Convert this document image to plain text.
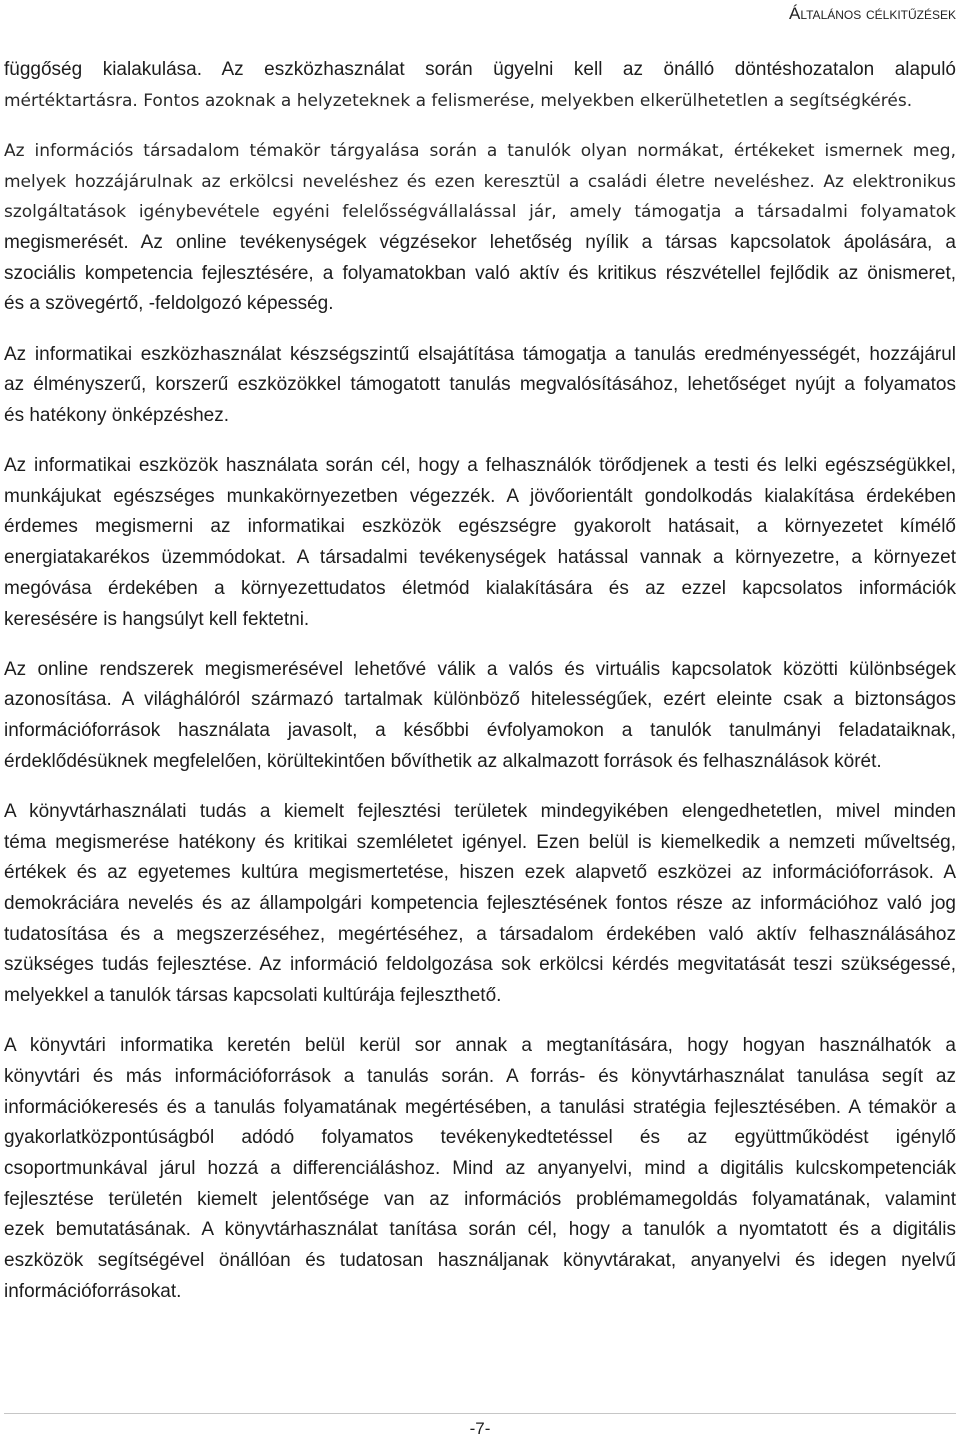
Általános célkitűzések
függőség kialakulása. Az eszközhasználat során ügyelni kell az önálló döntéshozatalon alapuló
mértéktartásra. Fontos azoknak a helyzeteknek a felismerése, melyekben elkerülhetetlen a segítségkérés.
Az információs társadalom témakör tárgyalása során a tanulók olyan normákat, értékeket ismernek meg,
melyek hozzájárulnak az erkölcsi neveléshez és ezen keresztül a családi életre neveléshez. Az elektronikus
szolgáltatások igénybevétele egyéni felelősségvállalással jár, amely támogatja a társadalmi folyamatok
megismerését. Az online tevékenységek végzésekor lehetőség nyílik a társas kapcsolatok ápolására, a
szociális kompetencia fejlesztésére, a folyamatokban való aktív és kritikus részvétellel fejlődik az önismeret,
és a szövegértő, -feldolgozó képesség.
Az informatikai eszközhasználat készségszintű elsajátítása támogatja a tanulás eredményességét, hozzájárul
az élményszerű, korszerű eszközökkel támogatott tanulás megvalósításához, lehetőséget nyújt a folyamatos
és hatékony önképzéshez.
Az informatikai eszközök használata során cél, hogy a felhasználók törődjenek a testi és lelki egészségükkel,
munkájukat egészséges munkakörnyezetben végezzék. A jövőorientált gondolkodás kialakítása érdekében
érdemes megismerni az informatikai eszközök egészségre gyakorolt hatásait, a környezetet kímélő
energiatakarékos üzemmódokat. A társadalmi tevékenységek hatással vannak a környezetre, a környezet
megóvása érdekében a környezettudatos életmód kialakítására és az ezzel kapcsolatos információk
keresésére is hangsúlyt kell fektetni.
Az online rendszerek megismerésével lehetővé válik a valós és virtuális kapcsolatok közötti különbségek
azonosítása. A világhálóról származó tartalmak különböző hitelességűek, ezért eleinte csak a biztonságos
információforrások használata javasolt, a későbbi évfolyamokon a tanulók tanulmányi feladataiknak,
érdeklődésüknek megfelelően, körültekintően bővíthetik az alkalmazott források és felhasználások körét.
A könyvtárhasználati tudás a kiemelt fejlesztési területek mindegyikében elengedhetetlen, mivel minden
téma megismerése hatékony és kritikai szemléletet igényel. Ezen belül is kiemelkedik a nemzeti műveltség,
értékek és az egyetemes kultúra megismertetése, hiszen ezek alapvető eszközei az információforrások. A
demokráciára nevelés és az állampolgári kompetencia fejlesztésének fontos része az információhoz való jog
tudatosítása és a megszerzéséhez, megértéséhez, a társadalom érdekében való aktív felhasználásához
szükséges tudás fejlesztése. Az információ feldolgozása sok erkölcsi kérdés megvitatását teszi szükségessé,
melyekkel a tanulók társas kapcsolati kultúrája fejleszthető.
A könyvtári informatika keretén belül kerül sor annak a megtanítására, hogy hogyan használhatók a
könyvtári és más információforrások a tanulás során. A forrás- és könyvtárhasználat tanulása segít az
információkeresés és a tanulás folyamatának megértésében, a tanulási stratégia fejlesztésében. A témakör a
gyakorlatközpontúságból adódó folyamatos tevékenykedtetéssel és az együttműködést igénylő
csoportmunkával járul hozzá a differenciáláshoz. Mind az anyanyelvi, mind a digitális kulcskompetenciák
fejlesztése területén kiemelt jelentősége van az információs problémamegoldás folyamatának, valamint
ezek bemutatásának. A könyvtárhasználat tanítása során cél, hogy a tanulók a nyomtatott és a digitális
eszközök segítségével önállóan és tudatosan használjanak könyvtárakat, anyanyelvi és idegen nyelvű
információforrásokat.
-7-
